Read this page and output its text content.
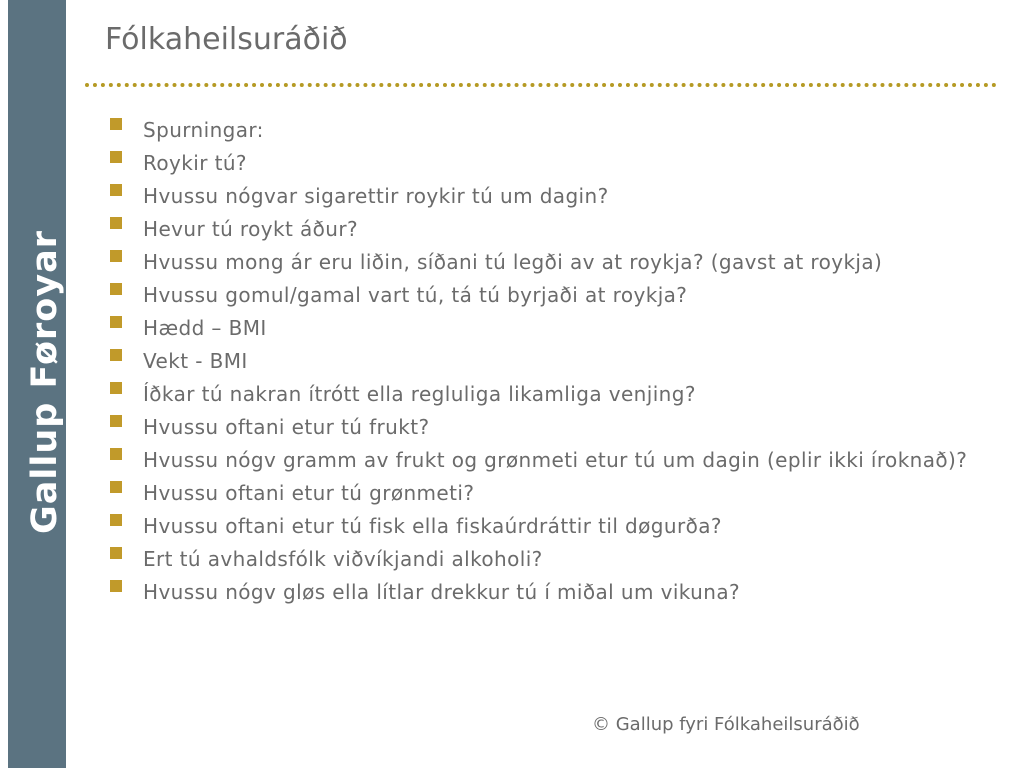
Gallup Føroyar
Fólkaheilsuráðið
Spurningar:
Roykir tú?
Hvussu nógvar sigarettir roykir tú um dagin?
Hevur tú roykt áður?
Hvussu mong ár eru liðin, síðani tú legði av at roykja? (gavst at roykja)
Hvussu gomul/gamal vart tú, tá tú byrjaði at roykja?
Hædd – BMI
Vekt - BMI
Íðkar tú nakran ítrótt ella regluliga likamliga venjing?
Hvussu oftani etur tú frukt?
Hvussu nógv gramm av frukt og grønmeti etur tú um dagin (eplir ikki íroknað)?
Hvussu oftani etur tú grønmeti?
Hvussu oftani etur tú fisk ella fiskaúrdráttir til døgurða?
Ert tú avhaldsfólk viðvíkjandi alkoholi?
Hvussu nógv gløs ella lítlar drekkur tú í miðal um vikuna?
© Gallup fyri Fólkaheilsuráðið
